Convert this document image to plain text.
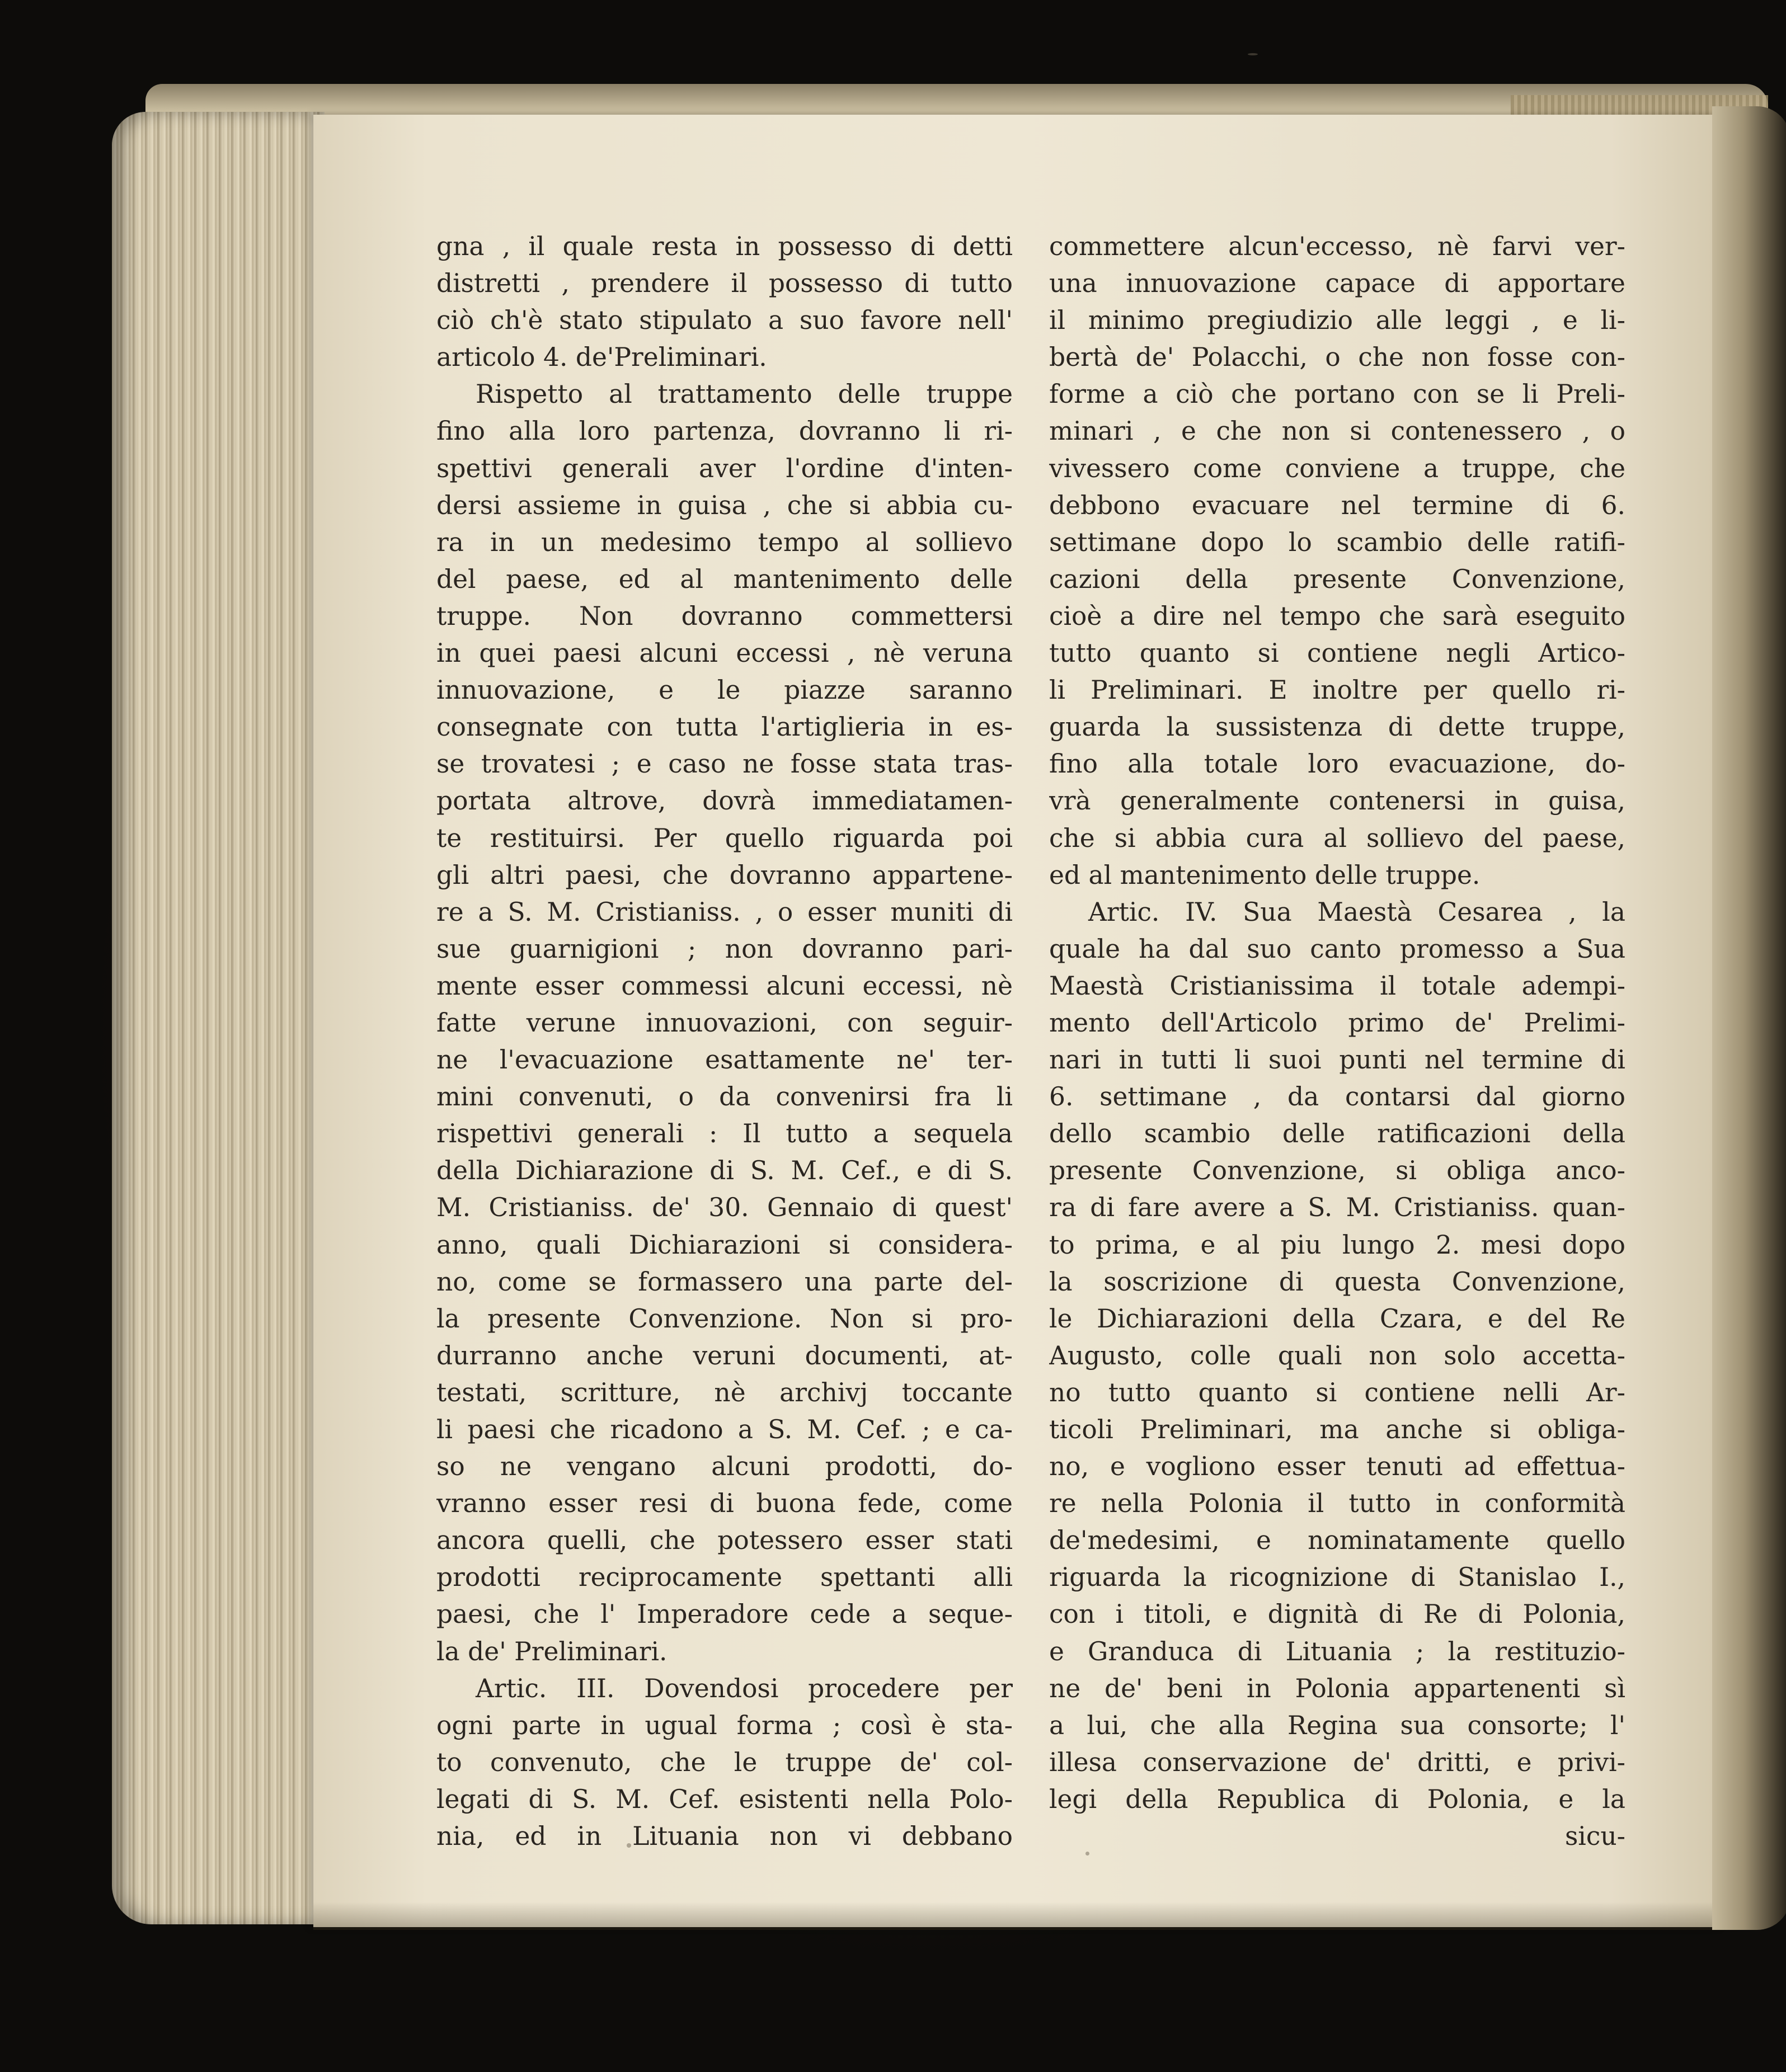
gna , il quale resta in possesso di detti
distretti , prendere il possesso di tutto
ciò ch'è stato stipulato a suo favore nell'
articolo 4. de'Preliminari.
Rispetto al trattamento delle truppe
fino alla loro partenza, dovranno li ri-
spettivi generali aver l'ordine d'inten-
dersi assieme in guisa , che si abbia cu-
ra in un medesimo tempo al sollievo
del paese, ed al mantenimento delle
truppe. Non dovranno commettersi
in quei paesi alcuni eccessi , nè veruna
innuovazione, e le piazze saranno
consegnate con tutta l'artiglieria in es-
se trovatesi ; e caso ne fosse stata tras-
portata altrove, dovrà immediatamen-
te restituirsi. Per quello riguarda poi
gli altri paesi, che dovranno appartene-
re a S. M. Cristianiss. , o esser muniti di
sue guarnigioni ; non dovranno pari-
mente esser commessi alcuni eccessi, nè
fatte verune innuovazioni, con seguir-
ne l'evacuazione esattamente ne' ter-
mini convenuti, o da convenirsi fra li
rispettivi generali : Il tutto a sequela
della Dichiarazione di S. M. Cef., e di S.
M. Cristianiss. de' 30. Gennaio di quest'
anno, quali Dichiarazioni si considera-
no, come se formassero una parte del-
la presente Convenzione. Non si pro-
durranno anche veruni documenti, at-
testati, scritture, nè archivj toccante
li paesi che ricadono a S. M. Cef. ; e ca-
so ne vengano alcuni prodotti, do-
vranno esser resi di buona fede, come
ancora quelli, che potessero esser stati
prodotti reciprocamente spettanti alli
paesi, che l' Imperadore cede a seque-
la de' Preliminari.
Artic. III. Dovendosi procedere per
ogni parte in ugual forma ; così è sta-
to convenuto, che le truppe de' col-
legati di S. M. Cef. esistenti nella Polo-
nia, ed in Lituania non vi debbano
commettere alcun'eccesso, nè farvi ver-
una innuovazione capace di apportare
il minimo pregiudizio alle leggi , e li-
bertà de' Polacchi, o che non fosse con-
forme a ciò che portano con se li Preli-
minari , e che non si contenessero , o
vivessero come conviene a truppe, che
debbono evacuare nel termine di 6.
settimane dopo lo scambio delle ratifi-
cazioni della presente Convenzione,
cioè a dire nel tempo che sarà eseguito
tutto quanto si contiene negli Artico-
li Preliminari. E inoltre per quello ri-
guarda la sussistenza di dette truppe,
fino alla totale loro evacuazione, do-
vrà generalmente contenersi in guisa,
che si abbia cura al sollievo del paese,
ed al mantenimento delle truppe.
Artic. IV. Sua Maestà Cesarea , la
quale ha dal suo canto promesso a Sua
Maestà Cristianissima il totale adempi-
mento dell'Articolo primo de' Prelimi-
nari in tutti li suoi punti nel termine di
6. settimane , da contarsi dal giorno
dello scambio delle ratificazioni della
presente Convenzione, si obliga anco-
ra di fare avere a S. M. Cristianiss. quan-
to prima, e al piu lungo 2. mesi dopo
la soscrizione di questa Convenzione,
le Dichiarazioni della Czara, e del Re
Augusto, colle quali non solo accetta-
no tutto quanto si contiene nelli Ar-
ticoli Preliminari, ma anche si obliga-
no, e vogliono esser tenuti ad effettua-
re nella Polonia il tutto in conformità
de'medesimi, e nominatamente quello
riguarda la ricognizione di Stanislao I.,
con i titoli, e dignità di Re di Polonia,
e Granduca di Lituania ; la restituzio-
ne de' beni in Polonia appartenenti sì
a lui, che alla Regina sua consorte; l'
illesa conservazione de' dritti, e privi-
legi della Republica di Polonia, e la
sicu-
